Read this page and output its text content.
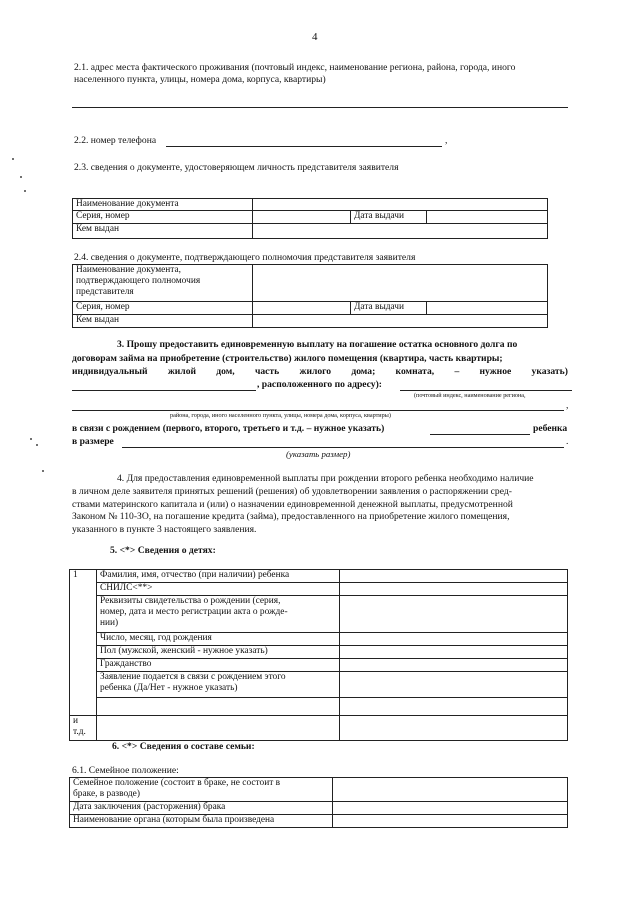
4
2.1. адрес места фактического проживания (почтовый индекс, наименование региона, района, города, иного
населенного пункта, улицы, номера дома, корпуса, квартиры)
2.2. номер телефона	,
2.3. сведения о документе, удостоверяющем личность представителя заявителя
Наименование документа			
Серия, номер		Дата выдачи	
Кем выдан			
2.4. сведения о документе, подтверждающего полномочия представителя заявителя
Наименование документа,
подтверждающего полномочия
представителя			

Серия, номер		Дата выдачи	
Кем выдан			
3. Прошу предоставить единовременную выплату на погашение остатка основного долга по
договорам займа на приобретение (строительство) жилого помещения (квартира, часть квартиры;
индивидуальный жилой дом, часть жилого дома; комната, – нужное указать)
, расположенного по адресу):
(почтовый индекс, наименование региона,
,
района, города, иного населенного пункта, улицы, номера дома, корпуса, квартиры)
в связи с рождением (первого, второго, третьего и т.д. – нужное указать)	ребенка
в размере	.
(указать размер)
4. Для предоставления единовременной выплаты при рождении второго ребенка необходимо наличие
в личном деле заявителя принятых решений (решения) об удовлетворении заявления о распоряжении сред-
ствами материнского капитала и (или) о назначении единовременной денежной выплаты, предусмотренной
Законом № 110-ЗО, на погашение кредита (займа), предоставленного на приобретение жилого помещения,
указанного в пункте 3 настоящего заявления.
5. <*> Сведения о детях:
1	Фамилия, имя, отчество (при наличии) ребенка	
	СНИЛС<**>	

	Реквизиты свидетельства о рождении (серия,
номер, дата и место регистрации акта о рожде-
нии)	

	Число, месяц, год рождения	
	Пол (мужской, женский - нужное указать)	
	Гражданство	

	Заявление подается в связи с рождением этого
ребенка (Да/Нет - нужное указать)	

и
т.д.		

6. <*> Сведения о составе семьи:
6.1. Семейное положение:
Семейное положение (состоит в браке, не состоит в
браке, в разводе)	

Дата заключения (расторжения) брака	
Наименование органа (которым была произведена	
